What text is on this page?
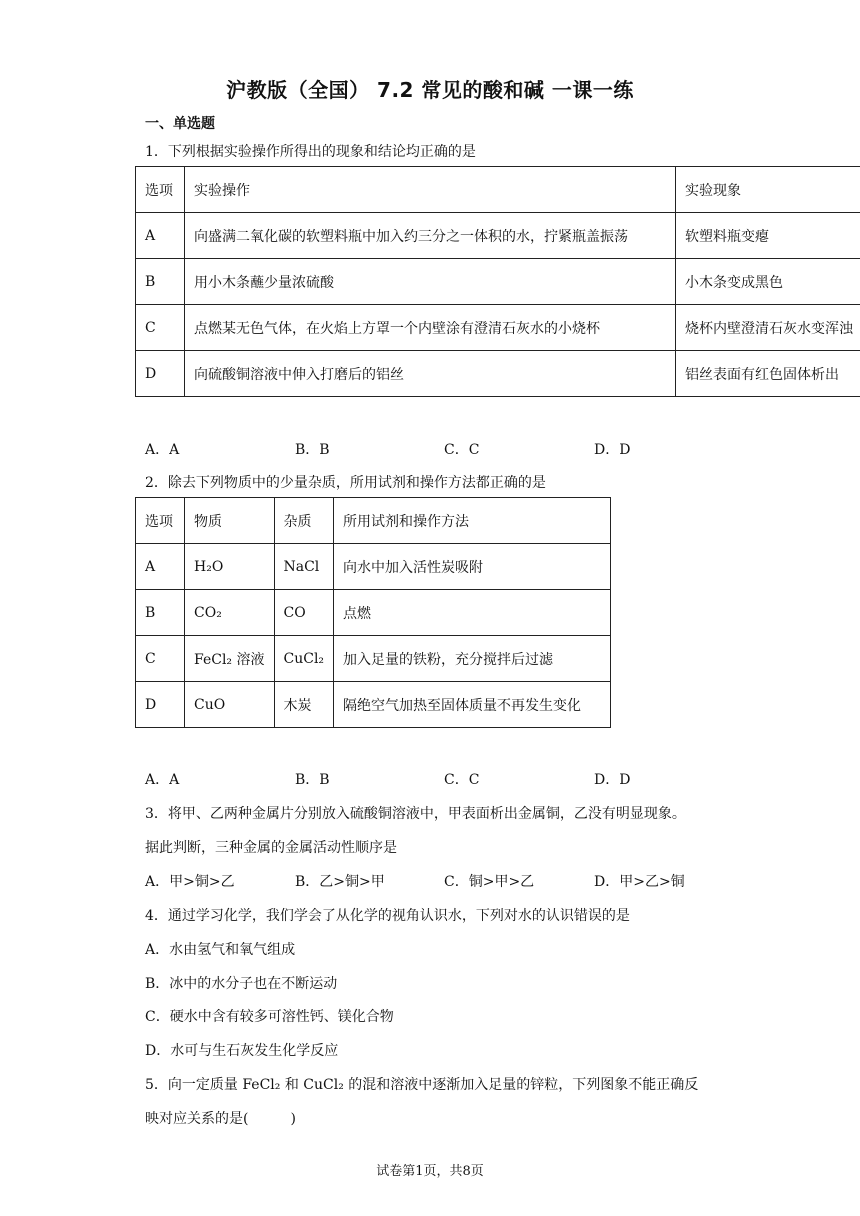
沪教版（全国） 7.2 常见的酸和碱 一课一练
一、单选题
1．下列根据实验操作所得出的现象和结论均正确的是
选项	实验操作	实验现象
A	向盛满二氧化碳的软塑料瓶中加入约三分之一体积的水，拧紧瓶盖振荡	软塑料瓶变瘪
B	用小木条蘸少量浓硫酸	小木条变成黑色
C	点燃某无色气体，在火焰上方罩一个内壁涂有澄清石灰水的小烧杯	烧杯内壁澄清石灰水变浑浊
D	向硫酸铜溶液中伸入打磨后的铝丝	铝丝表面有红色固体析出
A．A	B．B	C．C	D．D
2．除去下列物质中的少量杂质，所用试剂和操作方法都正确的是
选项	物质	杂质	所用试剂和操作方法
A	H₂O	NaCl	向水中加入活性炭吸附
B	CO₂	CO	点燃
C	FeCl₂ 溶液	CuCl₂	加入足量的铁粉，充分搅拌后过滤
D	CuO	木炭	隔绝空气加热至固体质量不再发生变化
A．A	B．B	C．C	D．D
3．将甲、乙两种金属片分别放入硫酸铜溶液中，甲表面析出金属铜，乙没有明显现象。
据此判断，三种金属的金属活动性顺序是
A．甲>铜>乙	B．乙>铜>甲	C．铜>甲>乙	D．甲>乙>铜
4．通过学习化学，我们学会了从化学的视角认识水，下列对水的认识错误的是
A．水由氢气和氧气组成
B．冰中的水分子也在不断运动
C．硬水中含有较多可溶性钙、镁化合物
D．水可与生石灰发生化学反应
5．向一定质量 FeCl₂ 和 CuCl₂ 的混和溶液中逐渐加入足量的锌粒，下列图象不能正确反
映对应关系的是(　　　)
试卷第1页，共8页
